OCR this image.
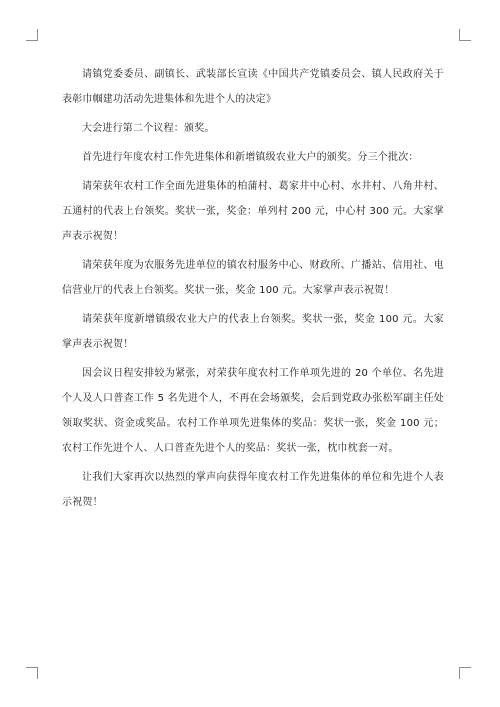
请镇党委委员、副镇长、武装部长宣读《中国共产党镇委员会、镇人民政府关于表彰巾帼建功活动先进集体和先进个人的决定》

大会进行第二个议程：颁奖。

首先进行年度农村工作先进集体和新增镇级农业大户的颁奖。分三个批次：

请荣获年农村工作全面先进集体的柏蒲村、葛家井中心村、水井村、八角井村、五通村的代表上台领奖。奖状一张，奖金：单列村 200 元，中心村 300 元。大家掌声表示祝贺！

请荣获年度为农服务先进单位的镇农村服务中心、财政所、广播站、信用社、电信营业厅的代表上台领奖。奖状一张，奖金 100 元。大家掌声表示祝贺！

请荣获年度新增镇级农业大户的代表上台领奖。奖状一张，奖金 100 元。大家掌声表示祝贺！

因会议日程安排较为紧张，对荣获年度农村工作单项先进的 20 个单位、名先进个人及人口普查工作 5 名先进个人，不再在会场颁奖，会后到党政办张松军副主任处领取奖状、资金或奖品。农村工作单项先进集体的奖品：奖状一张，奖金 100 元；农村工作先进个人、人口普查先进个人的奖品：奖状一张，枕巾枕套一对。

让我们大家再次以热烈的掌声向获得年度农村工作先进集体的单位和先进个人表示祝贺！
